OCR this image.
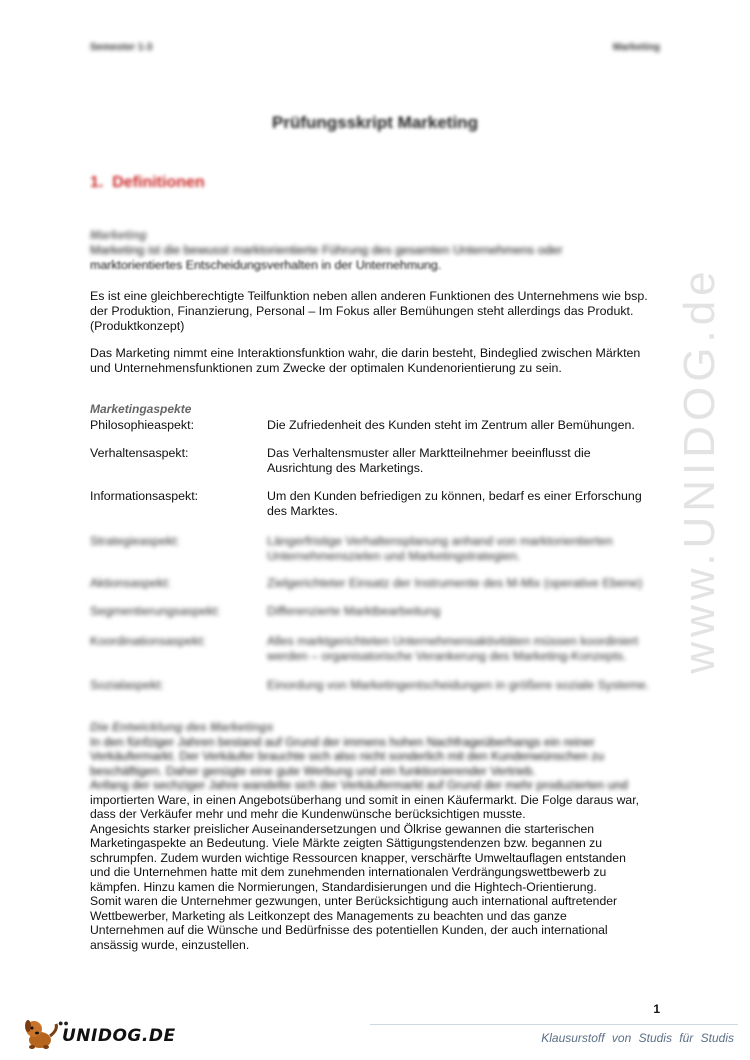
Semester 1-3	Marketing
Prüfungsskript Marketing
1. Definitionen
Marketing
Marketing ist die bewusst marktorientierte Führung des gesamten Unternehmens oder
marktorientiertes Entscheidungsverhalten in der Unternehmung.
Es ist eine gleichberechtigte Teilfunktion neben allen anderen Funktionen des Unternehmens wie bsp.
der Produktion, Finanzierung, Personal – Im Fokus aller Bemühungen steht allerdings das Produkt.
(Produktkonzept)
Das Marketing nimmt eine Interaktionsfunktion wahr, die darin besteht, Bindeglied zwischen Märkten
und Unternehmensfunktionen zum Zwecke der optimalen Kundenorientierung zu sein.
Marketingaspekte
Philosophieaspekt:	Die Zufriedenheit des Kunden steht im Zentrum aller Bemühungen.
Verhaltensaspekt:	Das Verhaltensmuster aller Marktteilnehmer beeinflusst die
Ausrichtung des Marketings.
Informationsaspekt:	Um den Kunden befriedigen zu können, bedarf es einer Erforschung
des Marktes.
Strategieaspekt:	Längerfristige Verhaltensplanung anhand von marktorientierten
Unternehmenszielen und Marketingstrategien.
Aktionsaspekt:	Zielgerichteter Einsatz der Instrumente des M-Mix (operative Ebene)
Segmentierungsaspekt:	Differenzierte Marktbearbeitung
Koordinationsaspekt:	Alles marktgerichteten Unternehmensaktivitäten müssen koordiniert
werden – organisatorische Verankerung des Marketing-Konzepts.
Sozialaspekt:	Einordung von Marketingentscheidungen in größere soziale Systeme.
Die Entwicklung des Marketings
In den fünfziger Jahren bestand auf Grund der immens hohen Nachfrageüberhangs ein reiner
Verkäufermarkt. Der Verkäufer brauchte sich also nicht sonderlich mit den Kundenwünschen zu
beschäftigen. Daher genügte eine gute Werbung und ein funktionierender Vertrieb.
Anfang der sechziger Jahre wandelte sich der Verkäufermarkt auf Grund der mehr produzierten und
importierten Ware, in einen Angebotsüberhang und somit in einen Käufermarkt. Die Folge daraus war,
dass der Verkäufer mehr und mehr die Kundenwünsche berücksichtigen musste.
Angesichts starker preislicher Auseinandersetzungen und Ölkrise gewannen die starterischen
Marketingaspekte an Bedeutung. Viele Märkte zeigten Sättigungstendenzen bzw. begannen zu
schrumpfen. Zudem wurden wichtige Ressourcen knapper, verschärfte Umweltauflagen entstanden
und die Unternehmen hatte mit dem zunehmenden internationalen Verdrängungswettbewerb zu
kämpfen. Hinzu kamen die Normierungen, Standardisierungen und die Hightech-Orientierung.
Somit waren die Unternehmer gezwungen, unter Berücksichtigung auch international auftretender
Wettbewerber, Marketing als Leitkonzept des Managements zu beachten und das ganze
Unternehmen auf die Wünsche und Bedürfnisse des potentiellen Kunden, der auch international
ansässig wurde, einzustellen.
1
www.UNIDOG.de
●●
UNIDOG.DE	Klausurstoff von Studis für Studis
